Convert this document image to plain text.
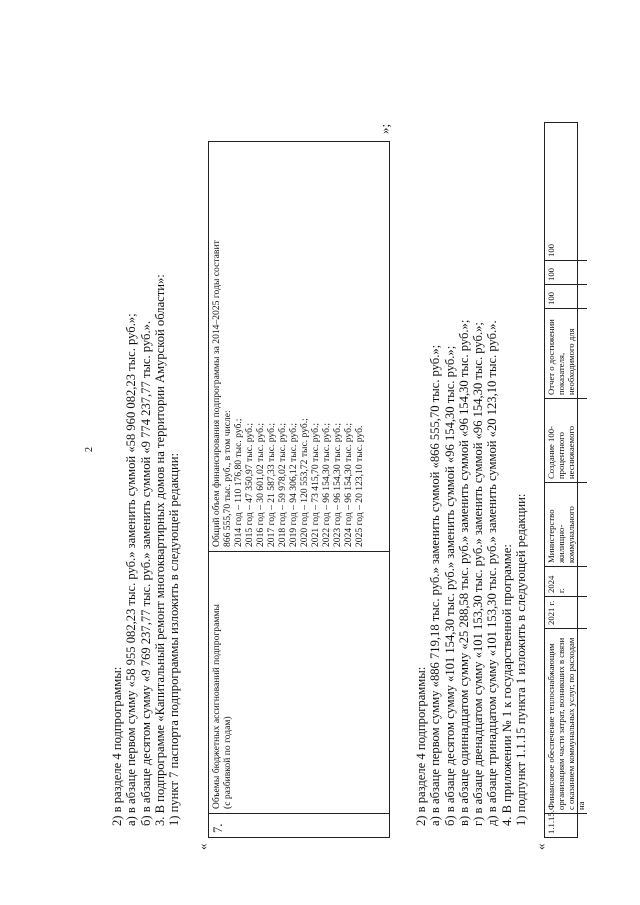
2
2) в разделе 4 подпрограммы: а) в абзаце первом сумму «58 955 082,23 тыс. руб.» заменить суммой «58 960 082,23 тыс. руб.»; б) в абзаце десятом сумму «9 769 237,77 тыс. руб.» заменить суммой «9 774 237,77 тыс. руб.». 3. В подпрограмме «Капитальный ремонт многоквартирных домов на территории Амурской области»: 1) пункт 7 паспорта подпрограммы изложить в следующей редакции:
«
7.
Объемы бюджетных ассигнований подпрограммы (с разбивкой по годам)
Общий объем финансирования подпрограммы за 2014–2025 годы составит 866 555,70 тыс. руб., в том числе: 2014 год – 110 176,80 тыс. руб.; 2015 год – 47 350,97 тыс. руб.; 2016 год – 30 601,02 тыс. руб.; 2017 год – 21 587,33 тыс. руб.; 2018 год – 59 978,02 тыс. руб.; 2019 год – 94 306,12 тыс. руб.; 2020 год – 120 553,72 тыс. руб.; 2021 год – 73 415,70 тыс. руб.; 2022 год – 96 154,30 тыс. руб.; 2023 год – 96 154,30 тыс. руб.; 2024 год – 96 154,30 тыс. руб.; 2025 год – 20 123,10 тыс. руб.
»;
2) в разделе 4 подпрограммы: а) в абзаце первом сумму «886 719,18 тыс. руб.» заменить суммой «866 555,70 тыс. руб.»; б) в абзаце десятом сумму «101 154,30 тыс. руб.» заменить суммой «96 154,30 тыс. руб.»; в) в абзаце одиннадцатом сумму «25 288,58 тыс. руб.» заменить суммой «96 154,30 тыс. руб.»; г) в абзаце двенадцатом сумму «101 153,30 тыс. руб.» заменить суммой «96 154,30 тыс. руб.»; д) в абзаце тринадцатом сумму «101 153,30 тыс. руб.» заменить суммой «20 123,10 тыс. руб.». 4. В приложении № 1 к государственной программе: 1) подпункт 1.1.15 пункта 1 изложить в следующей редакции:
«
1.1.15.
Финансовое обеспечение теплоснабжающим организациям части затрат, возникших в связи с оказанием коммунальных услуг, по расходам на
2021 г.
2024 г.
Министерство жилищно-коммунального
Создание 100-процентного неснижаемого
Отчет о достижении показателя, необходимого для
100
100
100
